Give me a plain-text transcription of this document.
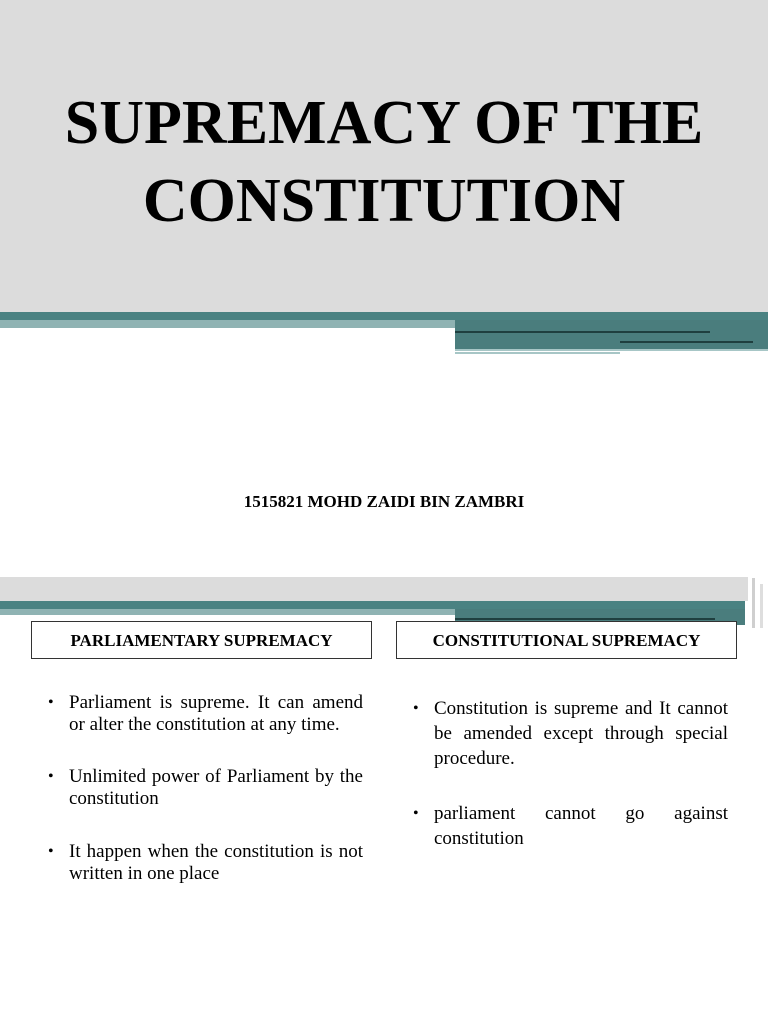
SUPREMACY OF THE
CONSTITUTION
1515821 MOHD ZAIDI BIN ZAMBRI
PARLIAMENTARY SUPREMACY	CONSTITUTIONAL SUPREMACY
• Parliament is supreme. It can amend or alter the constitution at any time.
• Unlimited power of Parliament by the constitution
• It happen when the constitution is not written in one place
• Constitution is supreme and It cannot be amended except through special procedure.
• parliament cannot go against constitution
